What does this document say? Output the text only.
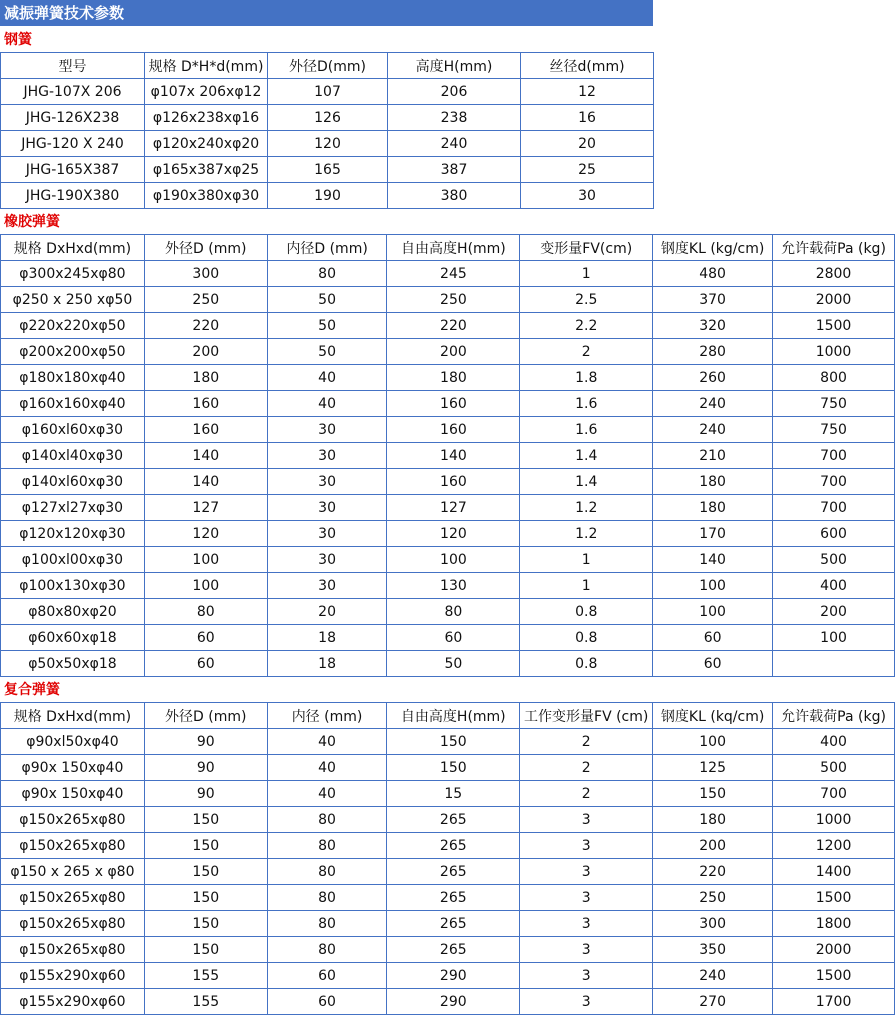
减振弹簧技术参数
钢簧
型号	规格 D*H*d(mm)	外径D(mm)	高度H(mm)	丝径d(mm)
JHG-107X 206	φ107x 206xφ12	107	206	12
JHG-126X238	φ126x238xφ16	126	238	16
JHG-120 X 240	φ120x240xφ20	120	240	20
JHG-165X387	φ165x387xφ25	165	387	25
JHG-190X380	φ190x380xφ30	190	380	30
橡胶弹簧
规格 DxHxd(mm)	外径D (mm)	内径D (mm)	自由高度H(mm)	变形量FV(cm)	钢度KL (kg/cm)	允许载荷Pa (kg)
φ300x245xφ80	300	80	245	1	480	2800
φ250 x 250 xφ50	250	50	250	2.5	370	2000
φ220x220xφ50	220	50	220	2.2	320	1500
φ200x200xφ50	200	50	200	2	280	1000
φ180x180xφ40	180	40	180	1.8	260	800
φ160x160xφ40	160	40	160	1.6	240	750
φ160xl60xφ30	160	30	160	1.6	240	750
φ140xl40xφ30	140	30	140	1.4	210	700
φ140xl60xφ30	140	30	160	1.4	180	700
φ127xl27xφ30	127	30	127	1.2	180	700
φ120x120xφ30	120	30	120	1.2	170	600
φ100xl00xφ30	100	30	100	1	140	500
φ100x130xφ30	100	30	130	1	100	400
φ80x80xφ20	80	20	80	0.8	100	200
φ60x60xφ18	60	18	60	0.8	60	100
φ50x50xφ18	60	18	50	0.8	60	
复合弹簧
规格 DxHxd(mm)	外径D (mm)	内径 (mm)	自由高度H(mm)	工作变形量FV (cm)	钢度KL (kq/cm)	允许载荷Pa (kg)
φ90xl50xφ40	90	40	150	2	100	400
φ90x 150xφ40	90	40	150	2	125	500
φ90x 150xφ40	90	40	15	2	150	700
φ150x265xφ80	150	80	265	3	180	1000
φ150x265xφ80	150	80	265	3	200	1200
φ150 x 265 x φ80	150	80	265	3	220	1400
φ150x265xφ80	150	80	265	3	250	1500
φ150x265xφ80	150	80	265	3	300	1800
φ150x265xφ80	150	80	265	3	350	2000
φ155x290xφ60	155	60	290	3	240	1500
φ155x290xφ60	155	60	290	3	270	1700
